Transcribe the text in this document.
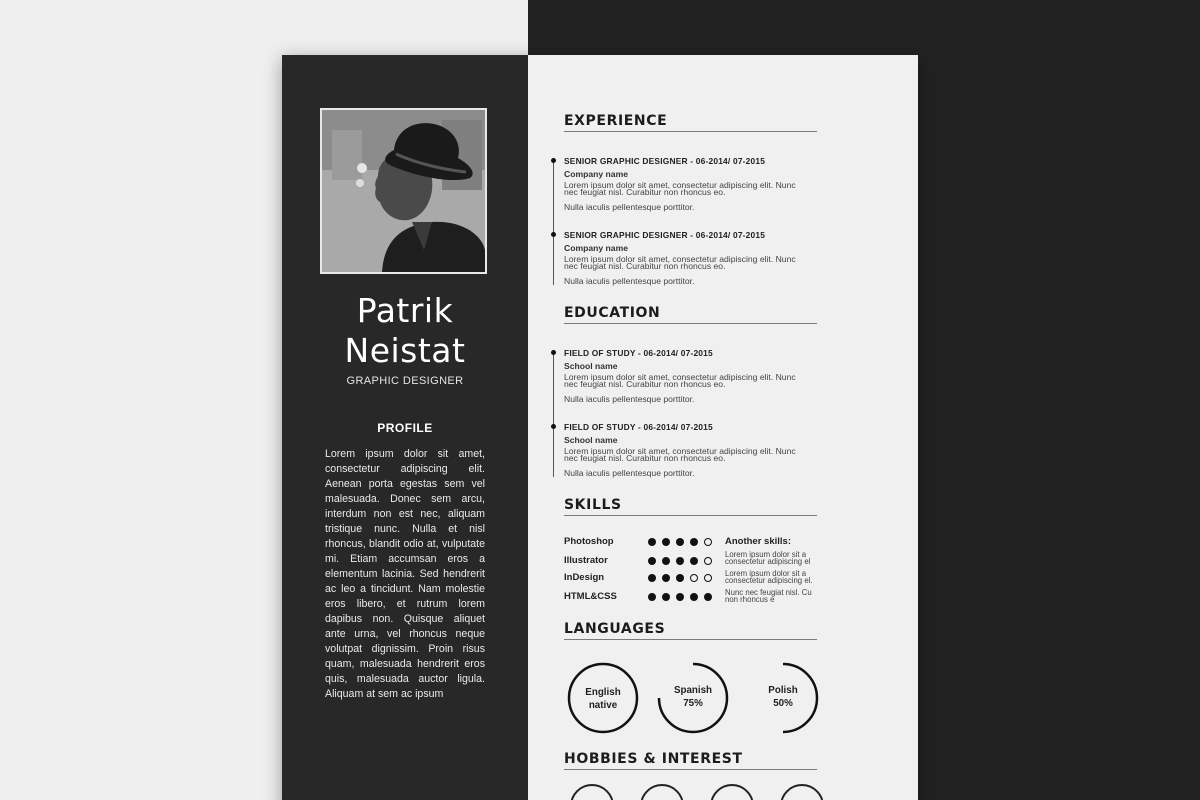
Patrik
Neistat
GRAPHIC DESIGNER
PROFILE
Lorem ipsum dolor sit amet, consectetur adipiscing elit. Aenean porta egestas sem vel malesuada. Donec sem arcu, interdum non est nec, aliquam tristique nunc. Nulla et nisl rhoncus, blandit odio at, vulputate mi. Etiam accumsan eros a elementum lacinia. Sed hendrerit ac leo a tincidunt. Nam molestie eros libero, et rutrum lorem dapibus non. Quisque aliquet ante urna, vel rhoncus neque volutpat dignissim. Proin risus quam, malesuada hendrerit eros quis, malesuada auctor ligula. Aliquam at sem ac ipsum
EXPERIENCE
SENIOR GRAPHIC DESIGNER - 06-2014/ 07-2015
Company name
Lorem ipsum dolor sit amet, consectetur adipiscing elit. Nunc nec feugiat nisl. Curabitur non rhoncus eo.
Nulla iaculis pellentesque porttitor.
SENIOR GRAPHIC DESIGNER - 06-2014/ 07-2015
Company name
Lorem ipsum dolor sit amet, consectetur adipiscing elit. Nunc nec feugiat nisl. Curabitur non rhoncus eo.
Nulla iaculis pellentesque porttitor.
EDUCATION
FIELD OF STUDY - 06-2014/ 07-2015
School name
Lorem ipsum dolor sit amet, consectetur adipiscing elit. Nunc nec feugiat nisl. Curabitur non rhoncus eo.
Nulla iaculis pellentesque porttitor.
FIELD OF STUDY - 06-2014/ 07-2015
School name
Lorem ipsum dolor sit amet, consectetur adipiscing elit. Nunc nec feugiat nisl. Curabitur non rhoncus eo.
Nulla iaculis pellentesque porttitor.
SKILLS
Photoshop
Illustrator
InDesign
HTML&CSS
Another skills:
Lorem ipsum dolor sit a consectetur adipiscing el
Lorem ipsum dolor sit a consectetur adipiscing el.
Nunc nec feugiat nisl. Cu non rhoncus e
LANGUAGES
English
native
Spanish
75%
Polish
50%
HOBBIES & INTEREST
